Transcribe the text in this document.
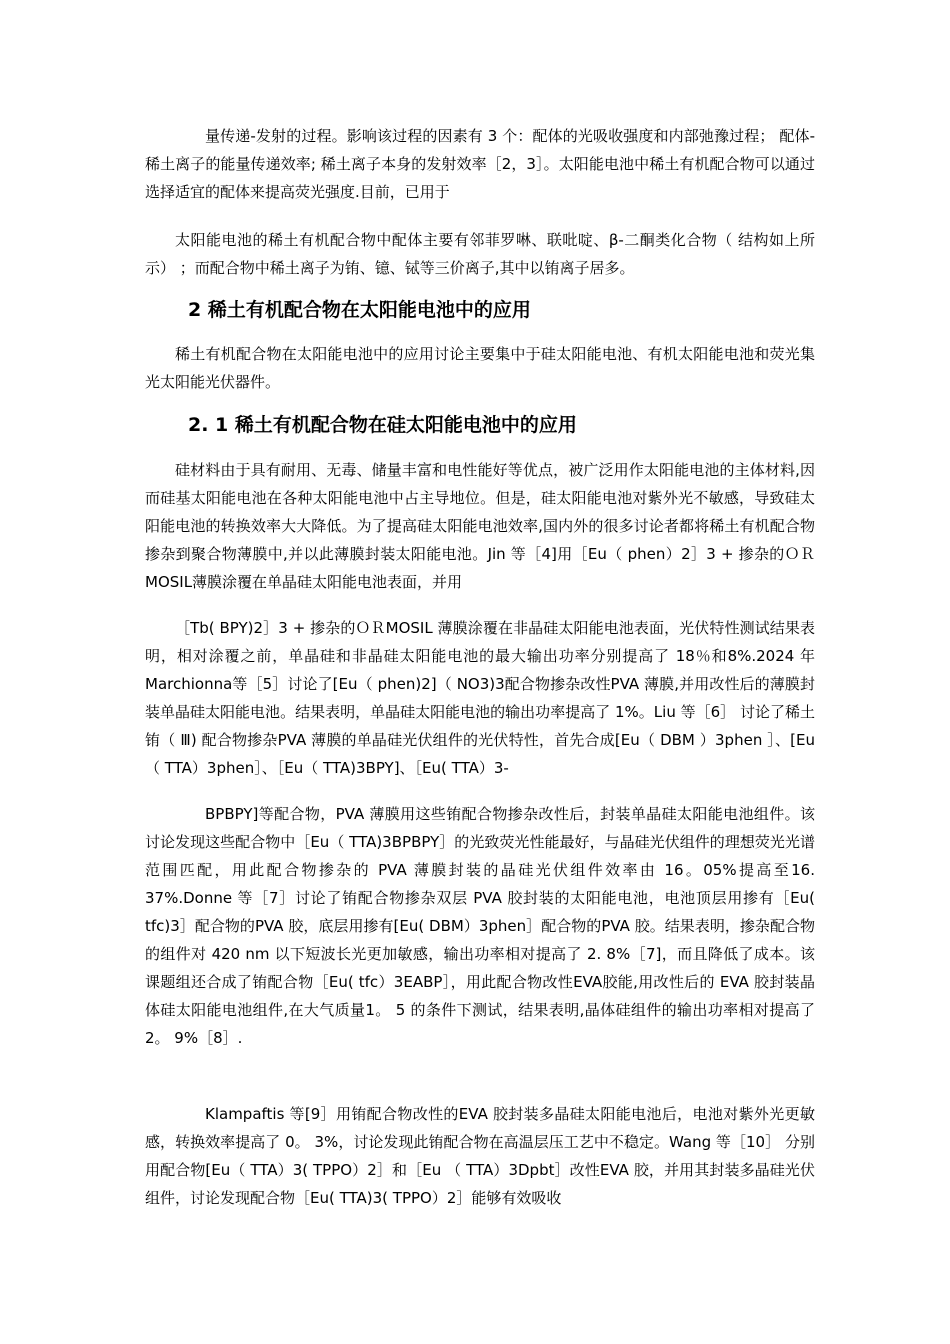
量传递-发射的过程。影响该过程的因素有 3 个：配体的光吸收强度和内部弛豫过程； 配体-稀土离子的能量传递效率; 稀土离子本身的发射效率［2，3］。太阳能电池中稀土有机配合物可以通过选择适宜的配体来提高荧光强度.目前，已用于

太阳能电池的稀土有机配合物中配体主要有邻菲罗啉、联吡啶、β-二酮类化合物（ 结构如上所示） ；而配合物中稀土离子为铕、镱、铽等三价离子,其中以铕离子居多。

2 稀土有机配合物在太阳能电池中的应用

稀土有机配合物在太阳能电池中的应用讨论主要集中于硅太阳能电池、有机太阳能电池和荧光集光太阳能光伏器件。

2. 1 稀土有机配合物在硅太阳能电池中的应用

硅材料由于具有耐用、无毒、储量丰富和电性能好等优点，被广泛用作太阳能电池的主体材料,因而硅基太阳能电池在各种太阳能电池中占主导地位。但是，硅太阳能电池对紫外光不敏感，导致硅太阳能电池的转换效率大大降低。为了提高硅太阳能电池效率,国内外的很多讨论者都将稀土有机配合物掺杂到聚合物薄膜中,并以此薄膜封装太阳能电池。Jin 等［4]用［Eu（ phen）2］3 + 掺杂的ＯＲMOSIL薄膜涂覆在单晶硅太阳能电池表面，并用

［Tb( BPY)2］3 + 掺杂的ＯＲMOSIL 薄膜涂覆在非晶硅太阳能电池表面，光伏特性测试结果表明，相对涂覆之前，单晶硅和非晶硅太阳能电池的最大输出功率分别提高了 18％和8%.2024 年Marchionna等［5］讨论了[Eu（ phen)2]（ NO3)3配合物掺杂改性PVA 薄膜,并用改性后的薄膜封装单晶硅太阳能电池。结果表明，单晶硅太阳能电池的输出功率提高了 1%。Liu 等［6］ 讨论了稀土铕（ Ⅲ) 配合物掺杂PVA 薄膜的单晶硅光伏组件的光伏特性，首先合成[Eu（ DBM ）3phen ］、[Eu（ TTA）3phen］、［Eu（ TTA)3BPY]、［Eu( TTA）3-

BPBPY]等配合物，PVA 薄膜用这些铕配合物掺杂改性后，封装单晶硅太阳能电池组件。该讨论发现这些配合物中［Eu（ TTA)3BPBPY］的光致荧光性能最好，与晶硅光伏组件的理想荧光光谱范围匹配，用此配合物掺杂的 PVA 薄膜封装的晶硅光伏组件效率由 16。05%提高至16. 37%.Donne 等［7］讨论了铕配合物掺杂双层 PVA 胶封装的太阳能电池，电池顶层用掺有［Eu( tfc)3］配合物的PVA 胶，底层用掺有[Eu( DBM）3phen］配合物的PVA 胶。结果表明，掺杂配合物的组件对 420 nm 以下短波长光更加敏感，输出功率相对提高了 2. 8%［7]，而且降低了成本。该课题组还合成了铕配合物［Eu( tfc）3EABP］，用此配合物改性EVA胶能,用改性后的 EVA 胶封装晶体硅太阳能电池组件,在大气质量1。 5 的条件下测试，结果表明,晶体硅组件的输出功率相对提高了2。 9%［8］.

Klampaftis 等[9］用铕配合物改性的EVA 胶封装多晶硅太阳能电池后，电池对紫外光更敏感，转换效率提高了 0。 3%，讨论发现此铕配合物在高温层压工艺中不稳定。Wang 等［10］ 分别用配合物[Eu（ TTA）3( TPPO）2］和［Eu （ TTA）3Dpbt］改性EVA 胶，并用其封装多晶硅光伏组件，讨论发现配合物［Eu( TTA)3( TPPO）2］能够有效吸收
